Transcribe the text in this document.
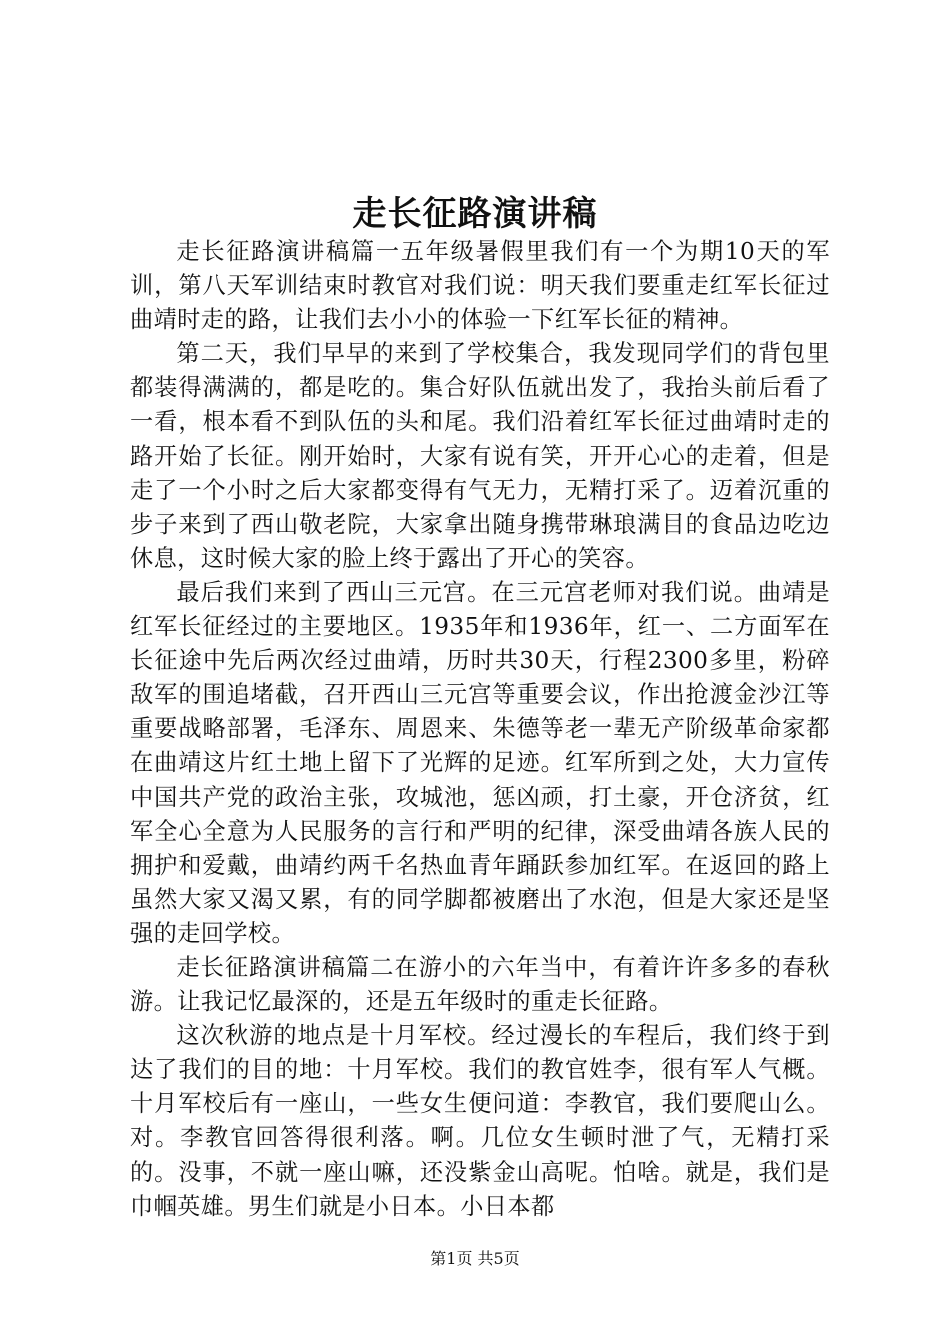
走长征路演讲稿

走长征路演讲稿篇一五年级暑假里我们有一个为期10天的军训，第八天军训结束时教官对我们说：明天我们要重走红军长征过曲靖时走的路，让我们去小小的体验一下红军长征的精神。

第二天，我们早早的来到了学校集合，我发现同学们的背包里都装得满满的，都是吃的。集合好队伍就出发了，我抬头前后看了一看，根本看不到队伍的头和尾。我们沿着红军长征过曲靖时走的路开始了长征。刚开始时，大家有说有笑，开开心心的走着，但是走了一个小时之后大家都变得有气无力，无精打采了。迈着沉重的步子来到了西山敬老院，大家拿出随身携带琳琅满目的食品边吃边休息，这时候大家的脸上终于露出了开心的笑容。

最后我们来到了西山三元宫。在三元宫老师对我们说。曲靖是红军长征经过的主要地区。1935年和1936年，红一、二方面军在长征途中先后两次经过曲靖，历时共30天，行程2300多里，粉碎敌军的围追堵截，召开西山三元宫等重要会议，作出抢渡金沙江等重要战略部署，毛泽东、周恩来、朱德等老一辈无产阶级革命家都在曲靖这片红土地上留下了光辉的足迹。红军所到之处，大力宣传中国共产党的政治主张，攻城池，惩凶顽，打土豪，开仓济贫，红军全心全意为人民服务的言行和严明的纪律，深受曲靖各族人民的拥护和爱戴，曲靖约两千名热血青年踊跃参加红军。在返回的路上虽然大家又渴又累，有的同学脚都被磨出了水泡，但是大家还是坚强的走回学校。

走长征路演讲稿篇二在游小的六年当中，有着许许多多的春秋游。让我记忆最深的，还是五年级时的重走长征路。

这次秋游的地点是十月军校。经过漫长的车程后，我们终于到达了我们的目的地：十月军校。我们的教官姓李，很有军人气概。十月军校后有一座山，一些女生便问道：李教官，我们要爬山么。对。李教官回答得很利落。啊。几位女生顿时泄了气，无精打采的。没事，不就一座山嘛，还没紫金山高呢。怕啥。就是，我们是巾帼英雄。男生们就是小日本。小日本都

第1页 共5页
